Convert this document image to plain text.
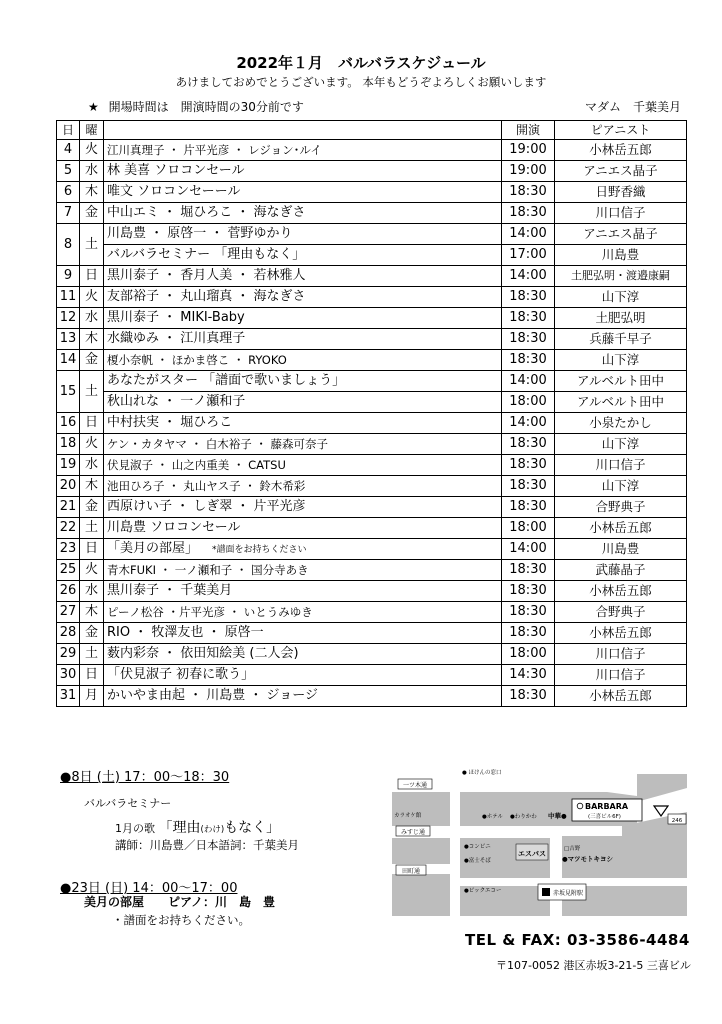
2022年１月　バルバラスケジュール
あけましておめでとうございます。 本年もどうぞよろしくお願いします
★ 開場時間は　開演時間の30分前です	マダム　千葉美月
日	曜		開演	ピアニスト
4	火	江川真理子 ・ 片平光彦 ・ レジョン･ルイ	19:00	小林岳五郎
5	水	林 美喜 ソロコンセール	19:00	アニエス晶子
6	木	唯文 ソロコンセーール	18:30	日野香織
7	金	中山エミ ・ 堀ひろこ ・ 海なぎさ	18:30	川口信子
8	土	川島豊 ・ 原啓一 ・ 菅野ゆかり	14:00	アニエス晶子
		バルバラセミナー 「理由もなく」	17:00	川島豊
9	日	黒川泰子 ・ 香月人美 ・ 若林雅人	14:00	土肥弘明・渡邉康嗣
11	火	友部裕子 ・ 丸山瑠真 ・ 海なぎさ	18:30	山下淳
12	水	黒川泰子 ・ MIKI-Baby	18:30	土肥弘明
13	木	水織ゆみ ・ 江川真理子	18:30	兵藤千早子
14	金	榎小奈帆 ・ ほかま啓こ ・ RYOKO	18:30	山下淳
15	土	あなたがスター 「譜面で歌いましょう」	14:00	アルベルト田中
		秋山れな ・ 一ノ瀬和子	18:00	アルベルト田中
16	日	中村扶実 ・ 堀ひろこ	14:00	小泉たかし
18	火	ケン・カタヤマ ・ 白木裕子 ・ 藤森可奈子	18:30	山下淳
19	水	伏見淑子 ・ 山之内重美 ・ CATSU	18:30	川口信子
20	木	池田ひろ子 ・ 丸山ヤス子 ・ 鈴木希彩	18:30	山下淳
21	金	西原けい子 ・ しぎ翠 ・ 片平光彦	18:30	合野典子
22	土	川島豊 ソロコンセール	18:00	小林岳五郎
23	日	「美月の部屋」 *譜面をお持ちください	14:00	川島豊
25	火	青木FUKI ・ 一ノ瀬和子 ・ 国分寺あき	18:30	武藤晶子
26	水	黒川泰子 ・ 千葉美月	18:30	小林岳五郎
27	木	ピーノ松谷 ・片平光彦 ・ いとうみゆき	18:30	合野典子
28	金	RIO ・ 牧澤友也 ・ 原啓一	18:30	小林岳五郎
29	土	薮内彩奈 ・ 依田知絵美 (二人会)	18:00	川口信子
30	日	「伏見淑子 初春に歌う」	14:30	川口信子
31	月	かいやま由起 ・ 川島豊 ・ ジョージ	18:30	小林岳五郎
●8日 (土) 17：00～18：30
バルバラセミナー
1月の歌 「理由(わけ)もなく」
講師：川島豊／日本語詞：千葉美月
●23日 (日) 14：00～17：00
美月の部屋　　ピアノ：川　島　豊
・譜面をお持ちください。
一ツ木通
● ほけんの窓口
カラオケ館
みすじ通
田町通
●ホテル ●わりかわ 中華●
BARBARA
(三喜ビル6F)
246
●コンビニ
●富士そば
エスパス
□吉野
●マツモトキヨシ
●ビックエコー	赤坂見附駅
TEL & FAX: 03-3586-4484
〒107-0052 港区赤坂3-21-5 三喜ビル
